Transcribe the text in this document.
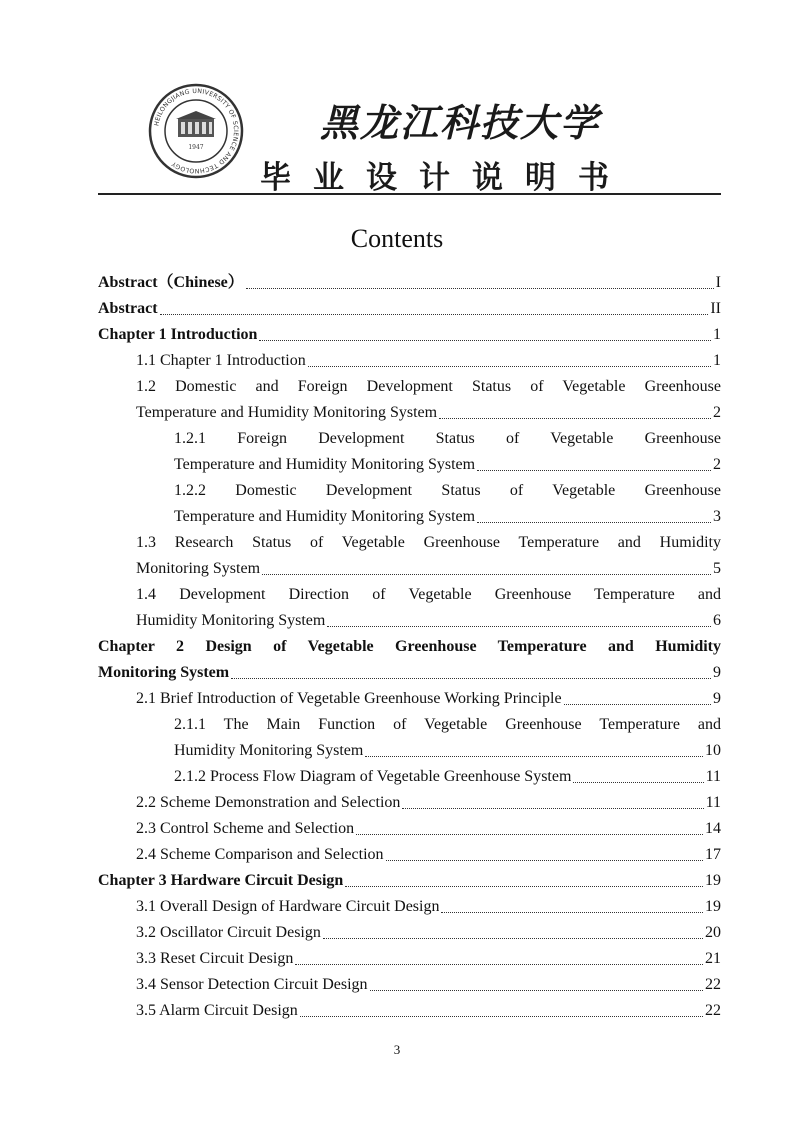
HEILONGJIANG UNIVERSITY OF SCIENCE AND TECHNOLOGY
1947
黑龙江科技大学
毕业设计说明书
Contents
Abstract（Chinese）	I
Abstract	II
Chapter 1 Introduction	1
1.1 Chapter 1 Introduction	1
1.2 Domestic and Foreign Development Status of Vegetable Greenhouse
Temperature and Humidity Monitoring System	2
1.2.1 Foreign Development Status of Vegetable Greenhouse
Temperature and Humidity Monitoring System	2
1.2.2 Domestic Development Status of Vegetable Greenhouse
Temperature and Humidity Monitoring System	3
1.3 Research Status of Vegetable Greenhouse Temperature and Humidity
Monitoring System	5
1.4 Development Direction of Vegetable Greenhouse Temperature and
Humidity Monitoring System	6
Chapter 2 Design of Vegetable Greenhouse Temperature and Humidity
Monitoring System	9
2.1 Brief Introduction of Vegetable Greenhouse Working Principle	9
2.1.1 The Main Function of Vegetable Greenhouse Temperature and
Humidity Monitoring System	10
2.1.2 Process Flow Diagram of Vegetable Greenhouse System	11
2.2 Scheme Demonstration and Selection	11
2.3 Control Scheme and Selection	14
2.4 Scheme Comparison and Selection	17
Chapter 3 Hardware Circuit Design	19
3.1 Overall Design of Hardware Circuit Design	19
3.2 Oscillator Circuit Design	20
3.3 Reset Circuit Design	21
3.4 Sensor Detection Circuit Design	22
3.5 Alarm Circuit Design	22
3
